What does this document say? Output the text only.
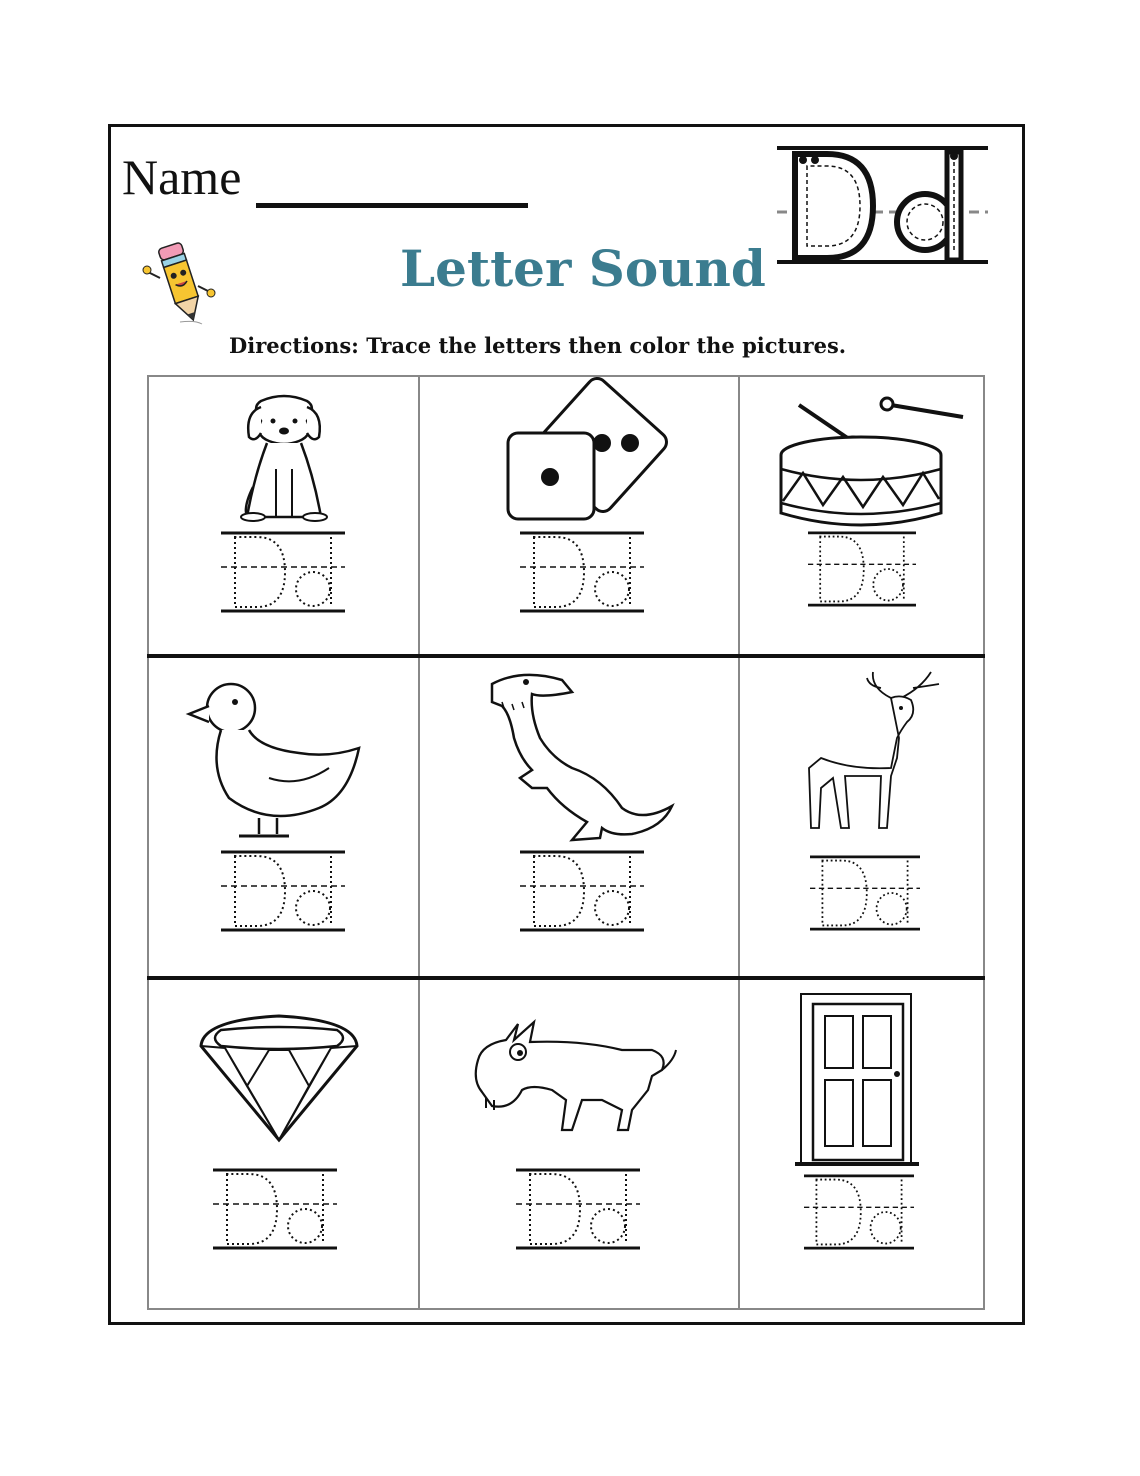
Name
Letter Sound
Directions: Trace the letters then color the pictures.
